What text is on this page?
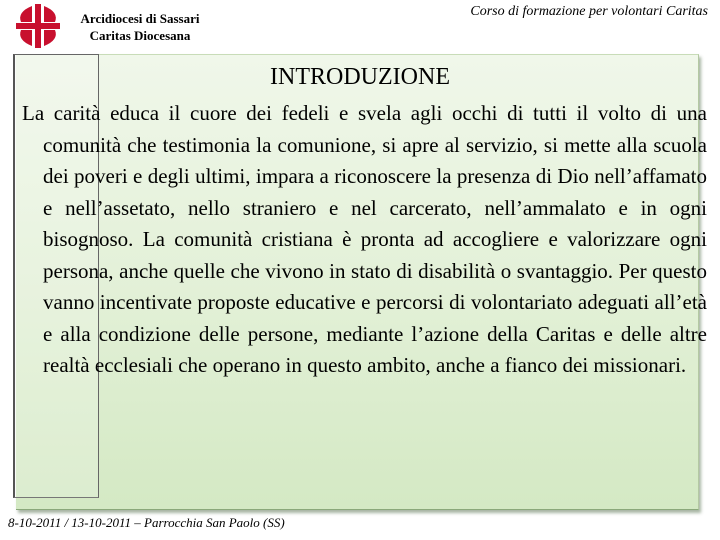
Arcidiocesi di Sassari
Caritas Diocesana
Corso di formazione per volontari Caritas
INTRODUZIONE
La carità educa il cuore dei fedeli e svela agli occhi di tutti il volto di una comunità che testimonia la comunione, si apre al servizio, si mette alla scuola dei poveri e degli ultimi, impara a riconoscere la presenza di Dio nell’affamato e nell’assetato, nello straniero e nel carcerato, nell’ammalato e in ogni bisognoso. La comunità cristiana è pronta ad accogliere e valorizzare ogni persona, anche quelle che vivono in stato di disabilità o svantaggio. Per questo vanno incentivate proposte educative e percorsi di volontariato adeguati all’età e alla condizione delle persone, mediante l’azione della Caritas e delle altre realtà ecclesiali che operano in questo ambito, anche a fianco dei missionari.
8-10-2011 / 13-10-2011 – Parrocchia San Paolo (SS)
